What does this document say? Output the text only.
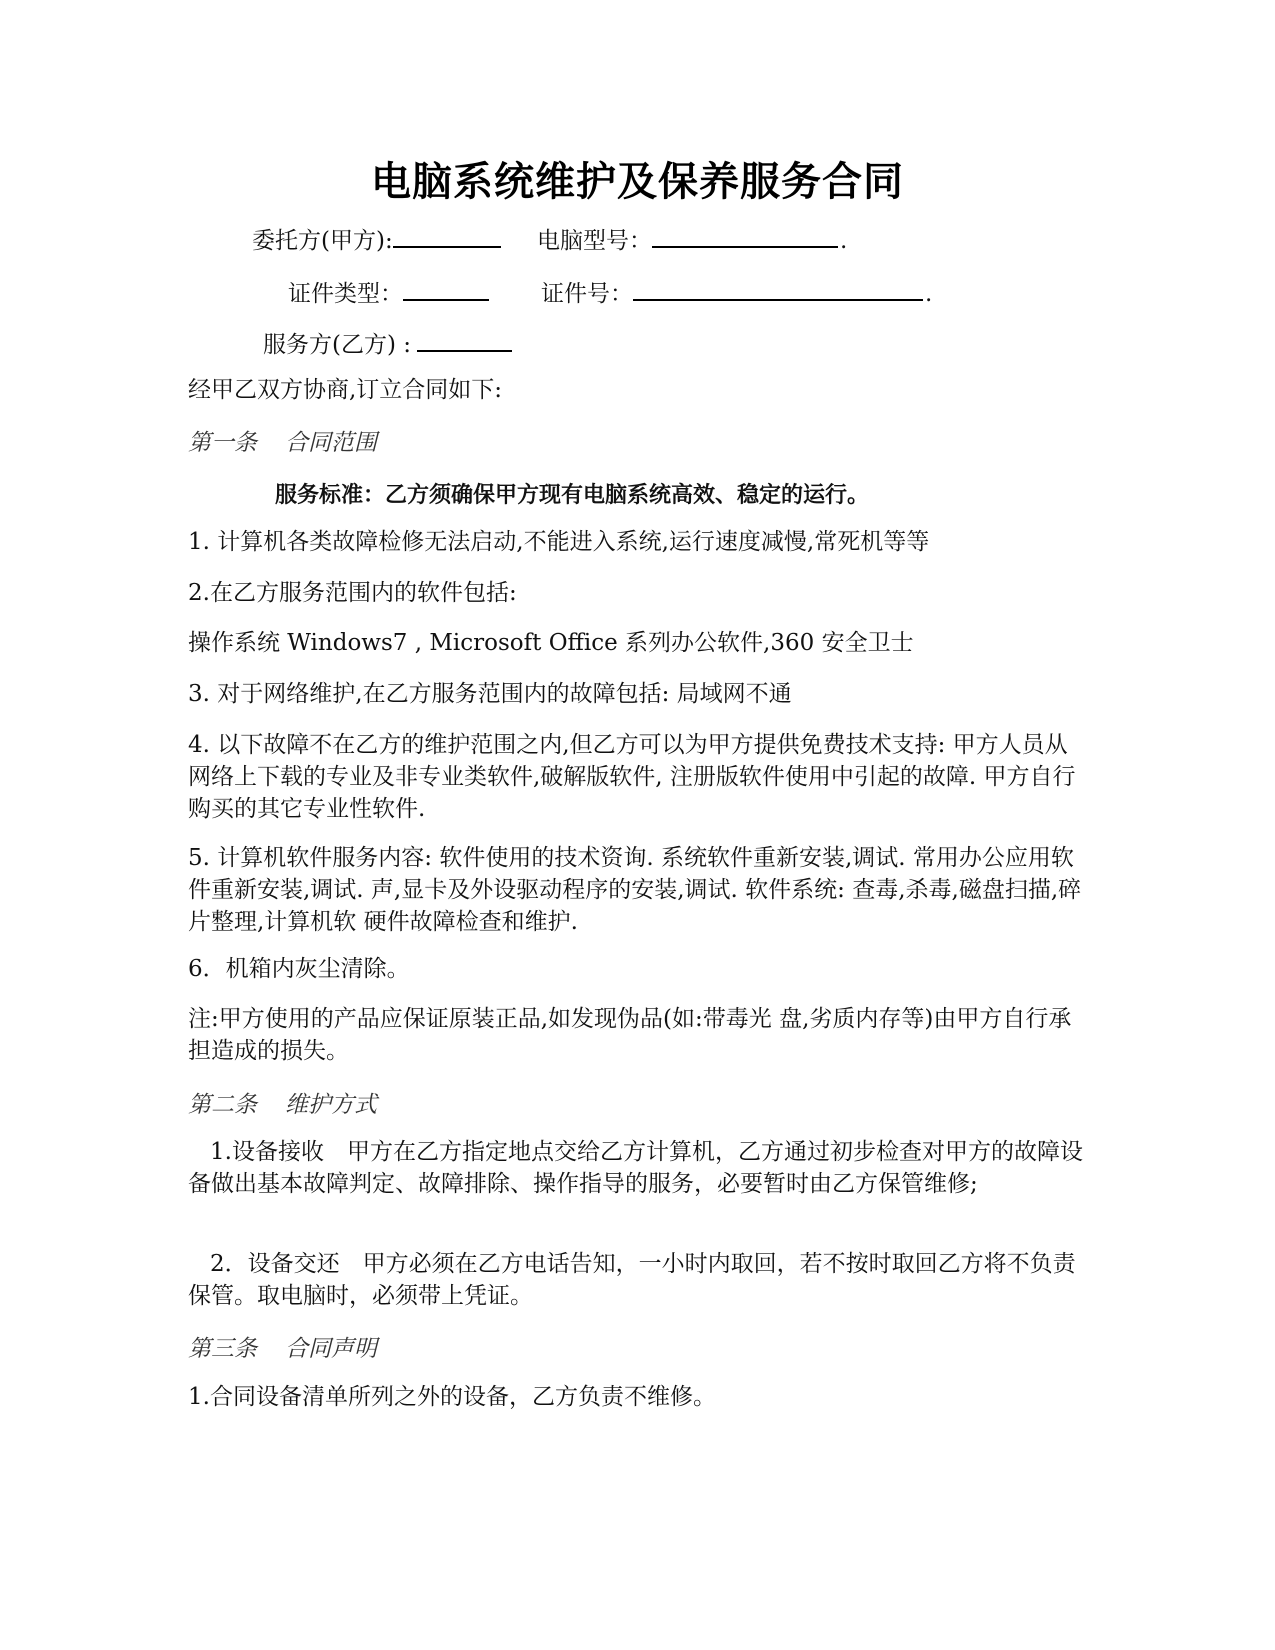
电脑系统维护及保养服务合同
委托方(甲方):	电脑型号：	.
证件类型：	证件号：	.
服务方(乙方) :
经甲乙双方协商,订立合同如下:
第一条 合同范围
服务标准：乙方须确保甲方现有电脑系统高效、稳定的运行。
1. 计算机各类故障检修无法启动,不能进入系统,运行速度减慢,常死机等等
2.在乙方服务范围内的软件包括:
操作系统 Windows7 , Microsoft Office 系列办公软件,360 安全卫士
3. 对于网络维护,在乙方服务范围内的故障包括: 局域网不通
4. 以下故障不在乙方的维护范围之内,但乙方可以为甲方提供免费技术支持: 甲方人员从网络上下载的专业及非专业类软件,破解版软件, 注册版软件使用中引起的故障. 甲方自行购买的其它专业性软件.
5. 计算机软件服务内容: 软件使用的技术资询. 系统软件重新安装,调试. 常用办公应用软件重新安装,调试. 声,显卡及外设驱动程序的安装,调试. 软件系统: 查毒,杀毒,磁盘扫描,碎片整理,计算机软 硬件故障检查和维护.
6．机箱内灰尘清除。
注:甲方使用的产品应保证原装正品,如发现伪品(如:带毒光 盘,劣质内存等)由甲方自行承担造成的损失。
第二条 维护方式
1.设备接收　甲方在乙方指定地点交给乙方计算机，乙方通过初步检查对甲方的故障设备做出基本故障判定、故障排除、操作指导的服务，必要暂时由乙方保管维修;
2．设备交还　甲方必须在乙方电话告知，一小时内取回，若不按时取回乙方将不负责保管。取电脑时，必须带上凭证。
第三条 合同声明
1.合同设备清单所列之外的设备，乙方负责不维修。
